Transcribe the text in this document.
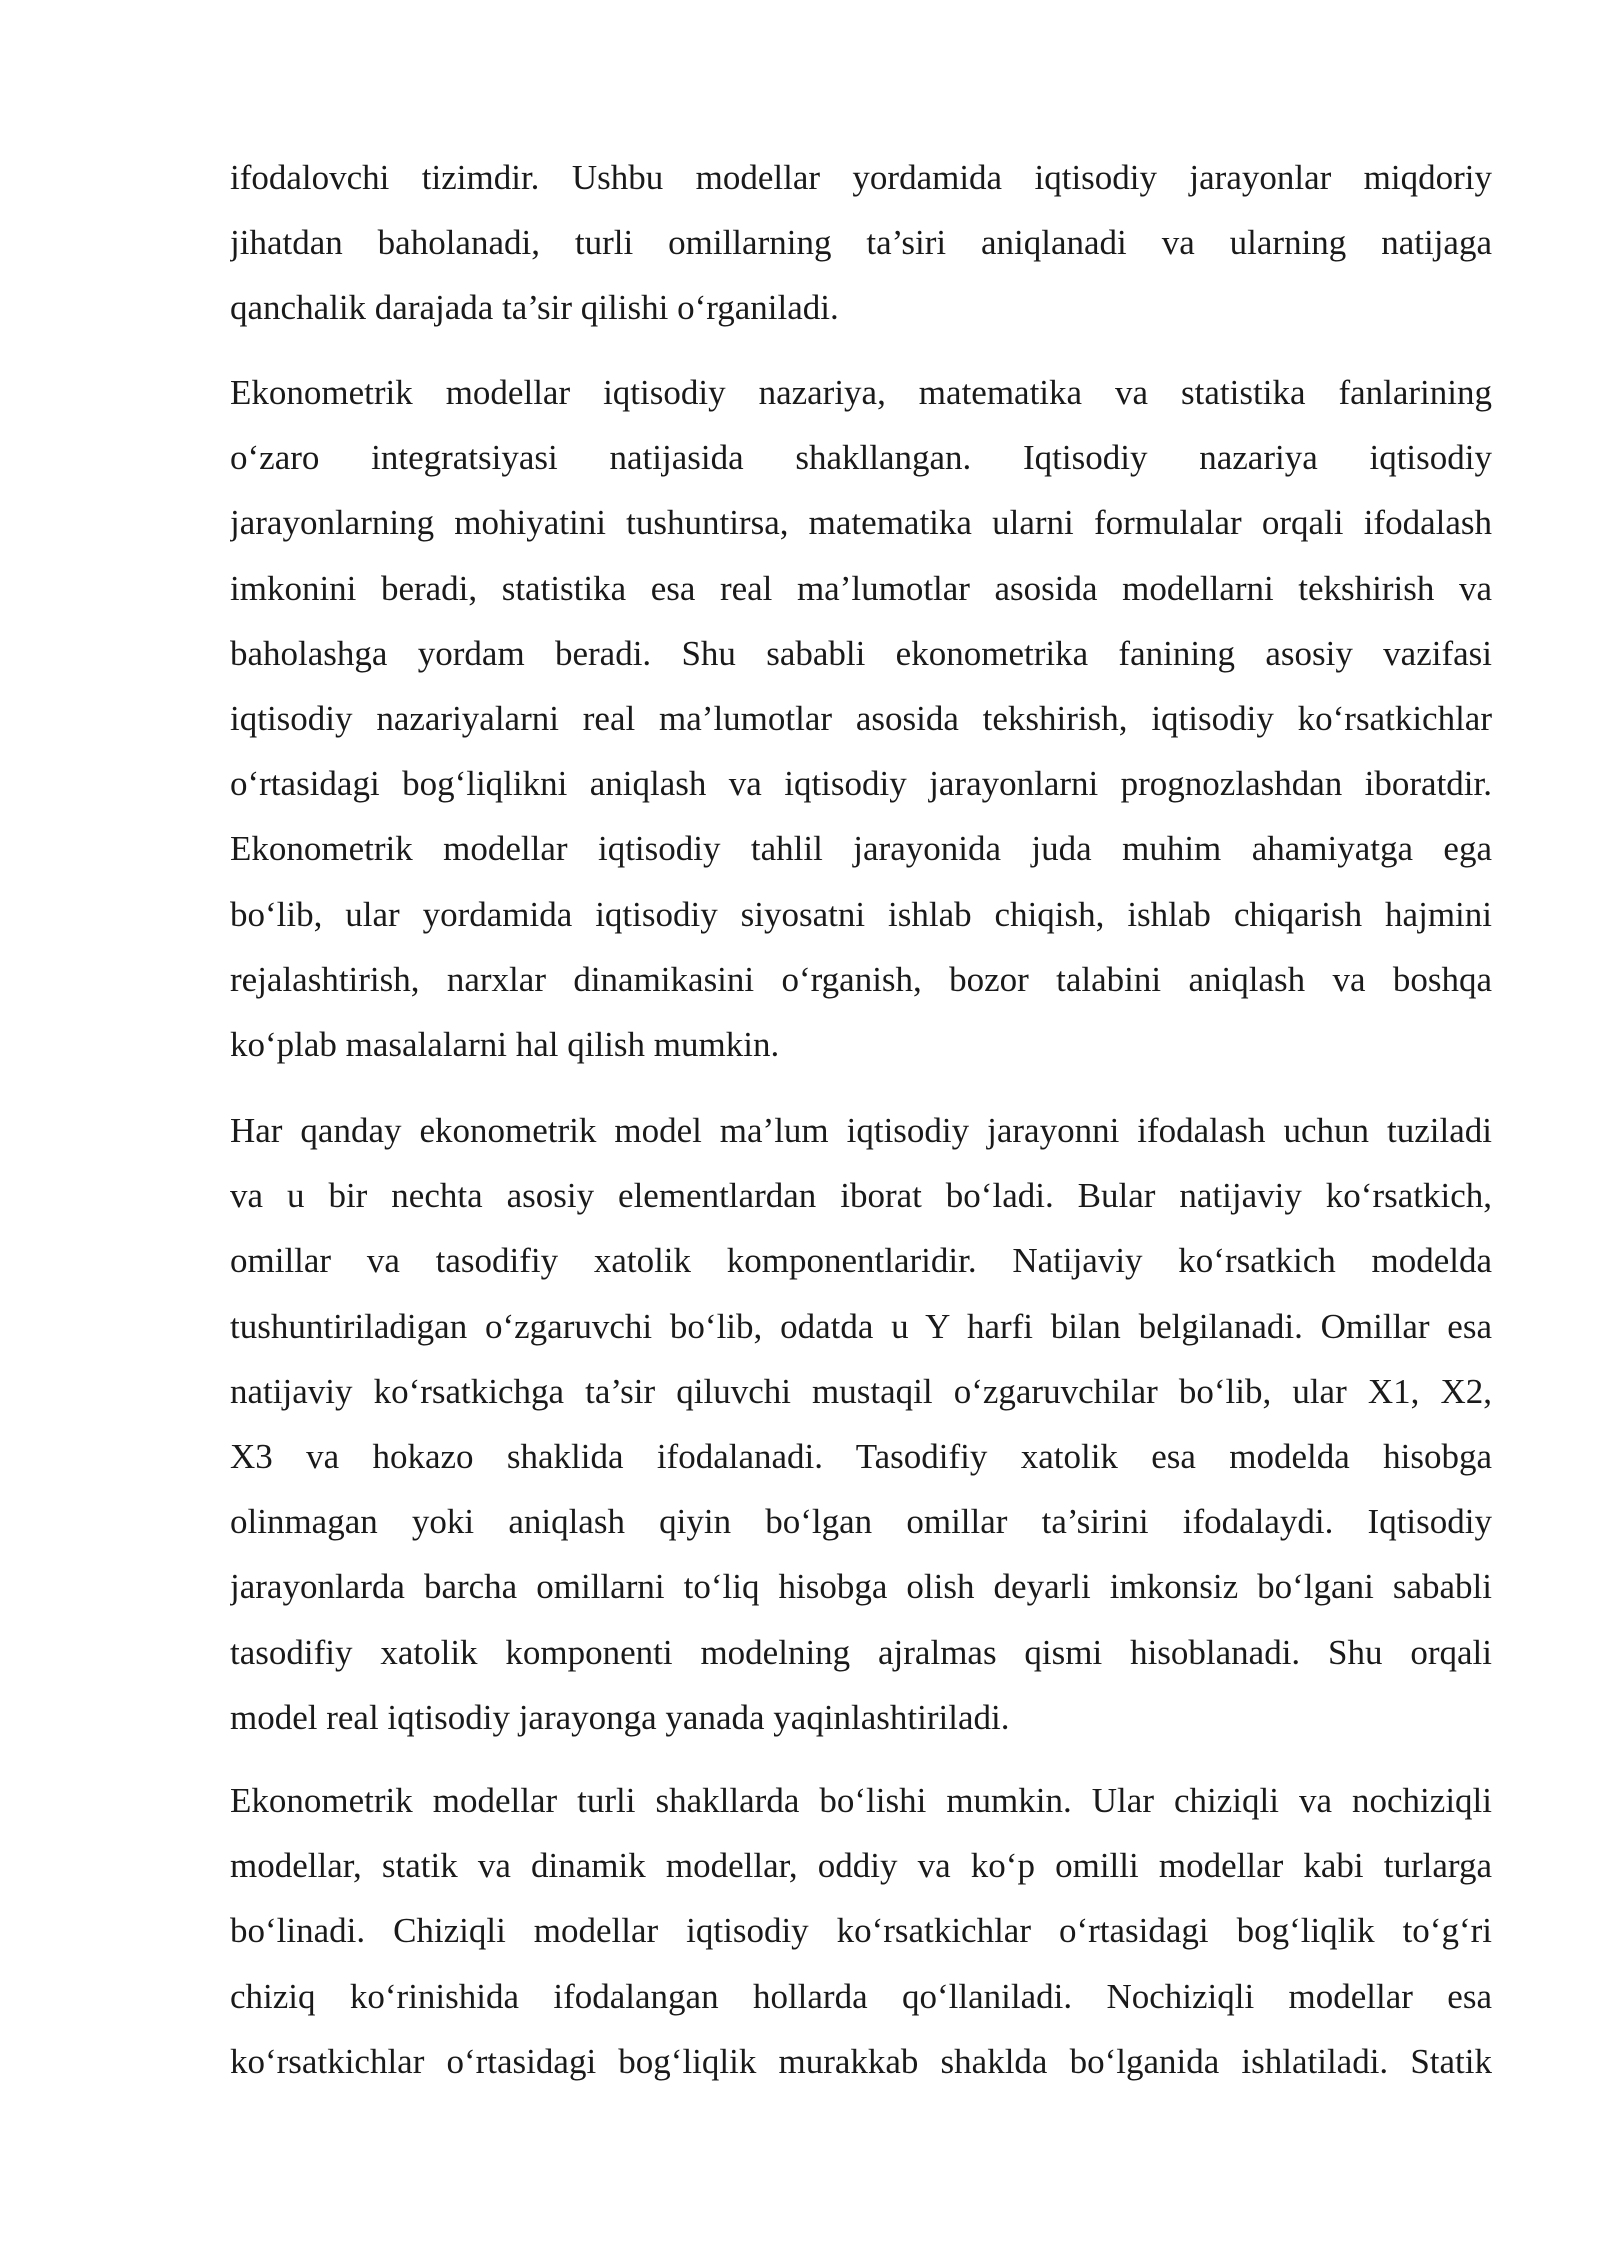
ifodalovchi tizimdir. Ushbu modellar yordamida iqtisodiy jarayonlar miqdoriy
jihatdan baholanadi, turli omillarning ta’siri aniqlanadi va ularning natijaga
qanchalik darajada ta’sir qilishi o‘rganiladi.
Ekonometrik modellar iqtisodiy nazariya, matematika va statistika fanlarining
o‘zaro integratsiyasi natijasida shakllangan. Iqtisodiy nazariya iqtisodiy
jarayonlarning mohiyatini tushuntirsa, matematika ularni formulalar orqali ifodalash
imkonini beradi, statistika esa real ma’lumotlar asosida modellarni tekshirish va
baholashga yordam beradi. Shu sababli ekonometrika fanining asosiy vazifasi
iqtisodiy nazariyalarni real ma’lumotlar asosida tekshirish, iqtisodiy ko‘rsatkichlar
o‘rtasidagi bog‘liqlikni aniqlash va iqtisodiy jarayonlarni prognozlashdan iboratdir.
Ekonometrik modellar iqtisodiy tahlil jarayonida juda muhim ahamiyatga ega
bo‘lib, ular yordamida iqtisodiy siyosatni ishlab chiqish, ishlab chiqarish hajmini
rejalashtirish, narxlar dinamikasini o‘rganish, bozor talabini aniqlash va boshqa
ko‘plab masalalarni hal qilish mumkin.
Har qanday ekonometrik model ma’lum iqtisodiy jarayonni ifodalash uchun tuziladi
va u bir nechta asosiy elementlardan iborat bo‘ladi. Bular natijaviy ko‘rsatkich,
omillar va tasodifiy xatolik komponentlaridir. Natijaviy ko‘rsatkich modelda
tushuntiriladigan o‘zgaruvchi bo‘lib, odatda u Y harfi bilan belgilanadi. Omillar esa
natijaviy ko‘rsatkichga ta’sir qiluvchi mustaqil o‘zgaruvchilar bo‘lib, ular X1, X2,
X3 va hokazo shaklida ifodalanadi. Tasodifiy xatolik esa modelda hisobga
olinmagan yoki aniqlash qiyin bo‘lgan omillar ta’sirini ifodalaydi. Iqtisodiy
jarayonlarda barcha omillarni to‘liq hisobga olish deyarli imkonsiz bo‘lgani sababli
tasodifiy xatolik komponenti modelning ajralmas qismi hisoblanadi. Shu orqali
model real iqtisodiy jarayonga yanada yaqinlashtiriladi.
Ekonometrik modellar turli shakllarda bo‘lishi mumkin. Ular chiziqli va nochiziqli
modellar, statik va dinamik modellar, oddiy va ko‘p omilli modellar kabi turlarga
bo‘linadi. Chiziqli modellar iqtisodiy ko‘rsatkichlar o‘rtasidagi bog‘liqlik to‘g‘ri
chiziq ko‘rinishida ifodalangan hollarda qo‘llaniladi. Nochiziqli modellar esa
ko‘rsatkichlar o‘rtasidagi bog‘liqlik murakkab shaklda bo‘lganida ishlatiladi. Statik
